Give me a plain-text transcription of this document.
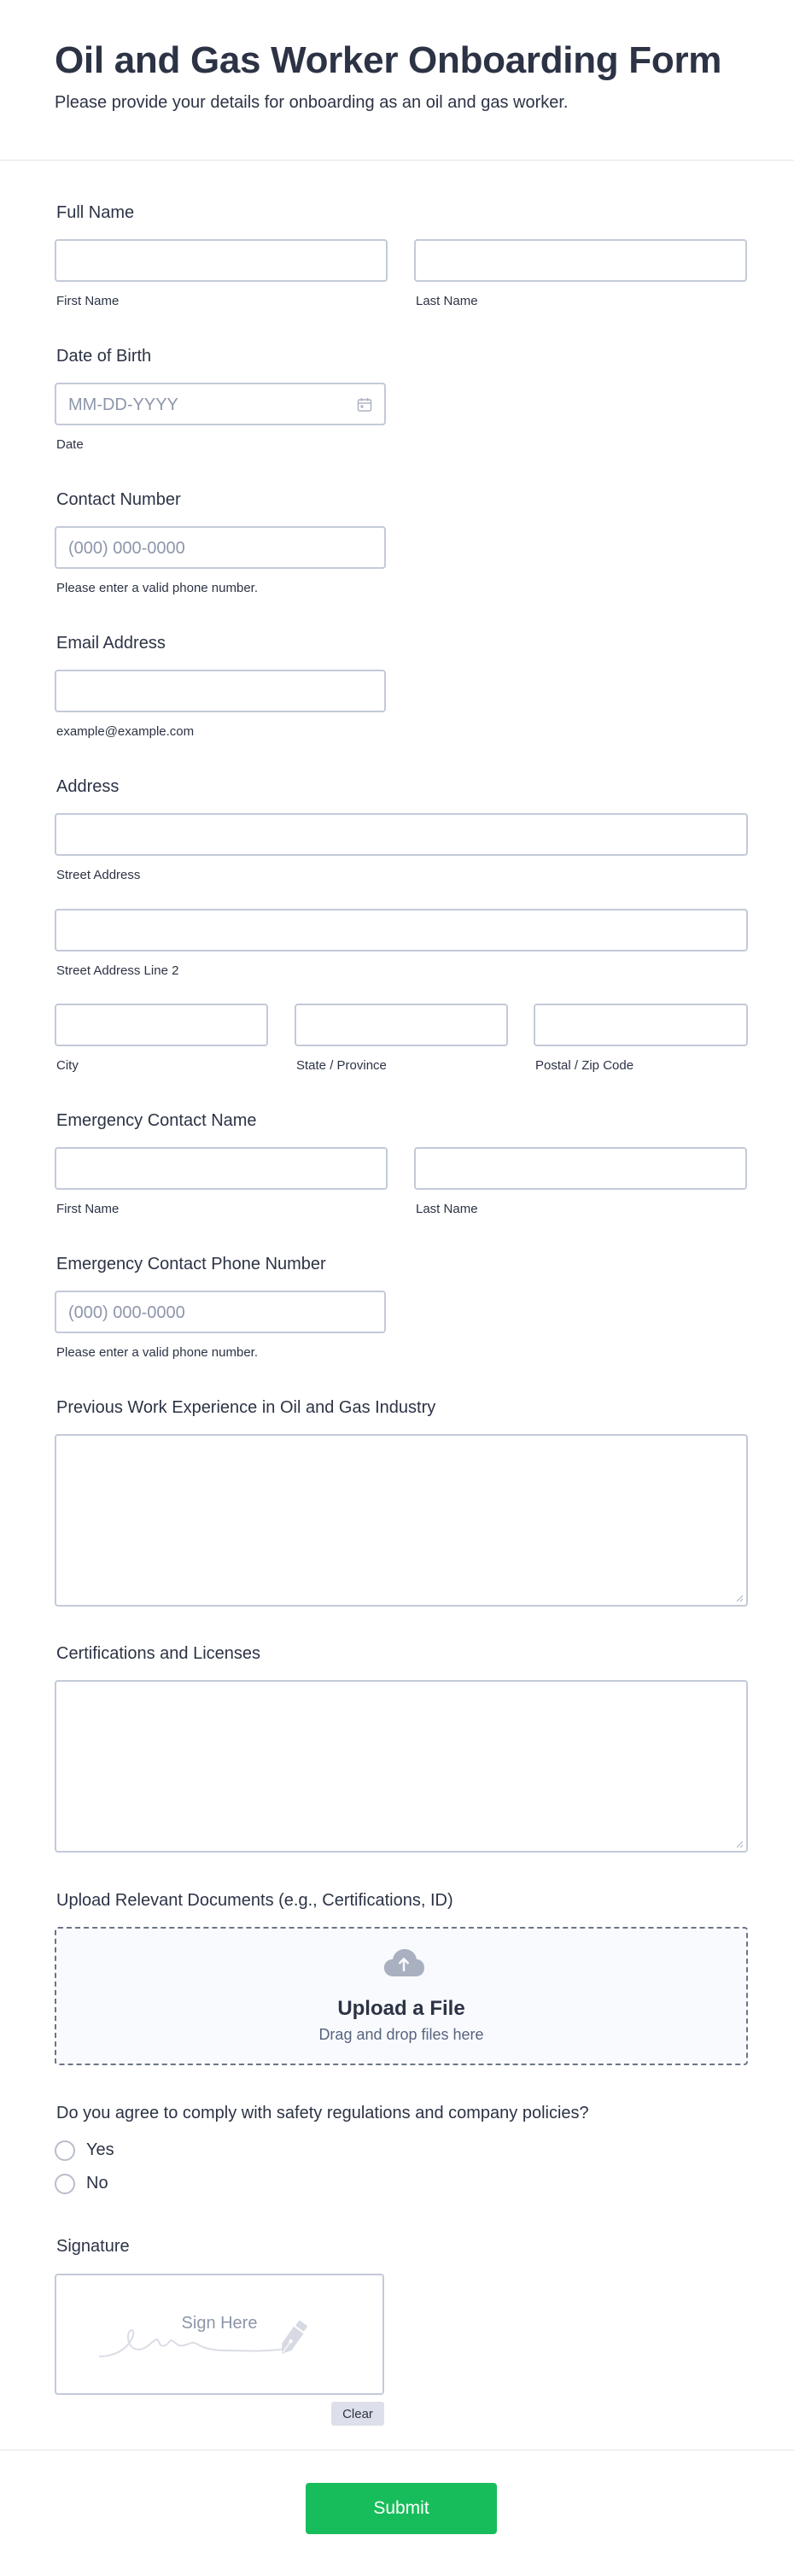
Oil and Gas Worker Onboarding Form
Please provide your details for onboarding as an oil and gas worker.
Full Name
First Name	Last Name
Date of Birth
MM-DD-YYYY
Date
Contact Number
(000) 000-0000
Please enter a valid phone number.
Email Address
example@example.com
Address
Street Address
Street Address Line 2
City	State / Province	Postal / Zip Code
Emergency Contact Name
First Name	Last Name
Emergency Contact Phone Number
(000) 000-0000
Please enter a valid phone number.
Previous Work Experience in Oil and Gas Industry
Certifications and Licenses
Upload Relevant Documents (e.g., Certifications, ID)
Upload a File
Drag and drop files here
Do you agree to comply with safety regulations and company policies?
Yes
No
Signature
Sign Here
Clear
Submit
